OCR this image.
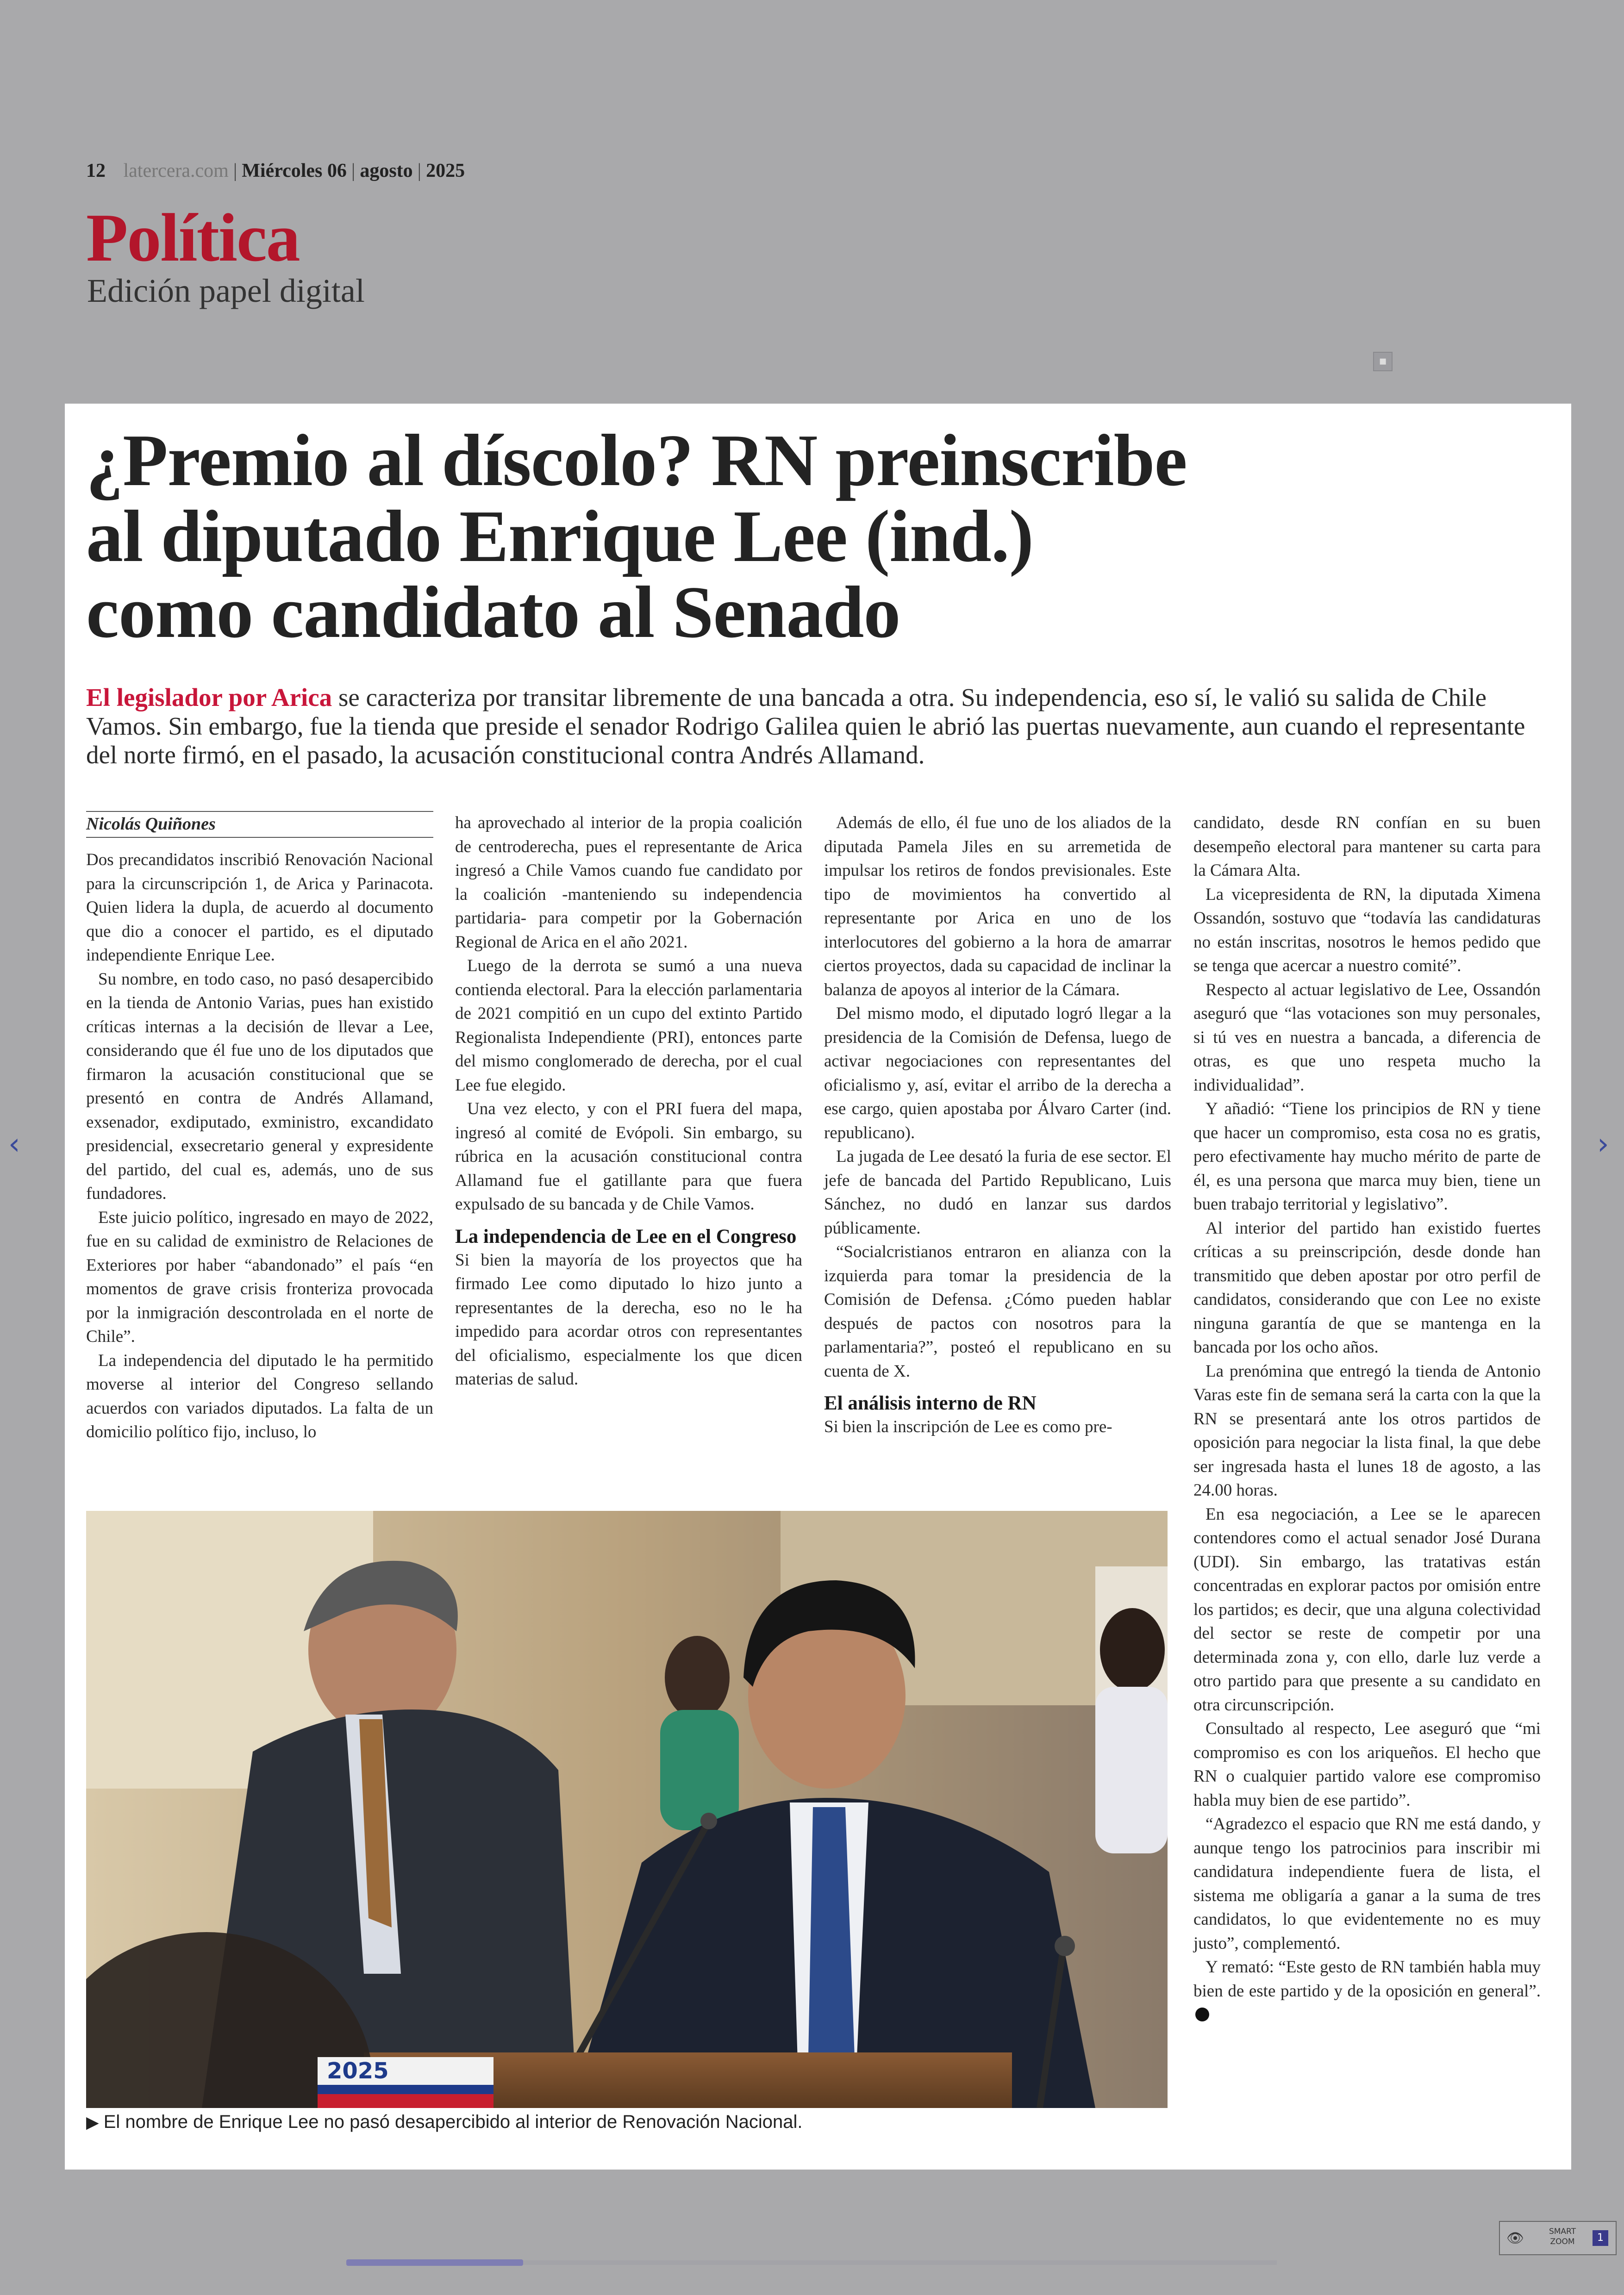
12 latercera.com | Miércoles 06 | agosto | 2025
Política
Edición papel digital
▪
¿Premio al díscolo? RN preinscribe
al diputado Enrique Lee (ind.)
como candidato al Senado

El legislador por Arica se caracteriza por transitar libremente de una bancada a otra. Su independencia, eso sí, le valió su salida de Chile Vamos. Sin embargo, fue la tienda que preside el senador Rodrigo Galilea quien le abrió las puertas nuevamente, aun cuando el representante del norte firmó, en el pasado, la acusación constitucional contra Andrés Allamand.

Nicolás Quiñones

Dos precandidatos inscribió Renovación Nacional para la circunscripción 1, de Arica y Parinacota. Quien lidera la dupla, de acuerdo al documento que dio a conocer el partido, es el diputado independiente Enrique Lee.

Su nombre, en todo caso, no pasó desapercibido en la tienda de Antonio Varias, pues han existido críticas internas a la decisión de llevar a Lee, considerando que él fue uno de los diputados que firmaron la acusación constitucional que se presentó en contra de Andrés Allamand, exsenador, exdiputado, exministro, excandidato presidencial, exsecretario general y expresidente del partido, del cual es, además, uno de sus fundadores.

Este juicio político, ingresado en mayo de 2022, fue en su calidad de exministro de Relaciones de Exteriores por haber “abandonado” el país “en momentos de grave crisis fronteriza provocada por la inmigración descontrolada en el norte de Chile”.

La independencia del diputado le ha permitido moverse al interior del Congreso sellando acuerdos con variados diputados. La falta de un domicilio político fijo, incluso, lo

ha aprovechado al interior de la propia coalición de centroderecha, pues el representante de Arica ingresó a Chile Vamos cuando fue candidato por la coalición -manteniendo su independencia partidaria- para competir por la Gobernación Regional de Arica en el año 2021.

Luego de la derrota se sumó a una nueva contienda electoral. Para la elección parlamentaria de 2021 compitió en un cupo del extinto Partido Regionalista Independiente (PRI), entonces parte del mismo conglomerado de derecha, por el cual Lee fue elegido.

Una vez electo, y con el PRI fuera del mapa, ingresó al comité de Evópoli. Sin embargo, su rúbrica en la acusación constitucional contra Allamand fue el gatillante para que fuera expulsado de su bancada y de Chile Vamos.

La independencia de Lee en el Congreso

Si bien la mayoría de los proyectos que ha firmado Lee como diputado lo hizo junto a representantes de la derecha, eso no le ha impedido para acordar otros con representantes del oficialismo, especialmente los que dicen materias de salud.

Además de ello, él fue uno de los aliados de la diputada Pamela Jiles en su arremetida de impulsar los retiros de fondos previsionales. Este tipo de movimientos ha convertido al representante por Arica en uno de los interlocutores del gobierno a la hora de amarrar ciertos proyectos, dada su capacidad de inclinar la balanza de apoyos al interior de la Cámara.

Del mismo modo, el diputado logró llegar a la presidencia de la Comisión de Defensa, luego de activar negociaciones con representantes del oficialismo y, así, evitar el arribo de la derecha a ese cargo, quien apostaba por Álvaro Carter (ind. republicano).

La jugada de Lee desató la furia de ese sector. El jefe de bancada del Partido Republicano, Luis Sánchez, no dudó en lanzar sus dardos públicamente.

“Socialcristianos entraron en alianza con la izquierda para tomar la presidencia de la Comisión de Defensa. ¿Cómo pueden hablar después de pactos con nosotros para la parlamentaria?”, posteó el republicano en su cuenta de X.

El análisis interno de RN

Si bien la inscripción de Lee es como pre-

candidato, desde RN confían en su buen desempeño electoral para mantener su carta para la Cámara Alta.

La vicepresidenta de RN, la diputada Ximena Ossandón, sostuvo que “todavía las candidaturas no están inscritas, nosotros le hemos pedido que se tenga que acercar a nuestro comité”.

Respecto al actuar legislativo de Lee, Ossandón aseguró que “las votaciones son muy personales, si tú ves en nuestra a bancada, a diferencia de otras, es que uno respeta mucho la individualidad”.

Y añadió: “Tiene los principios de RN y tiene que hacer un compromiso, esta cosa no es gratis, pero efectivamente hay mucho mérito de parte de él, es una persona que marca muy bien, tiene un buen trabajo territorial y legislativo”.

Al interior del partido han existido fuertes críticas a su preinscripción, desde donde han transmitido que deben apostar por otro perfil de candidatos, considerando que con Lee no existe ninguna garantía de que se mantenga en la bancada por los ocho años.

La prenómina que entregó la tienda de Antonio Varas este fin de semana será la carta con la que la RN se presentará ante los otros partidos de oposición para negociar la lista final, la que debe ser ingresada hasta el lunes 18 de agosto, a las 24.00 horas.

En esa negociación, a Lee se le aparecen contendores como el actual senador José Durana (UDI). Sin embargo, las tratativas están concentradas en explorar pactos por omisión entre los partidos; es decir, que una alguna colectividad del sector se reste de competir por una determinada zona y, con ello, darle luz verde a otro partido para que presente a su candidato en otra circunscripción.

Consultado al respecto, Lee aseguró que “mi compromiso es con los ariqueños. El hecho que RN o cualquier partido valore ese compromiso habla muy bien de ese partido”.

“Agradezco el espacio que RN me está dando, y aunque tengo los patrocinios para inscribir mi candidatura independiente fuera de lista, el sistema me obligaría a ganar a la suma de tres candidatos, lo que evidentemente no es muy justo”, complementó.

Y remató: “Este gesto de RN también habla muy bien de este partido y de la oposición en general”.

2025
▶ El nombre de Enrique Lee no pasó desapercibido al interior de Renovación Nacional.
‹	›
👁	SMART ZOOM	1
